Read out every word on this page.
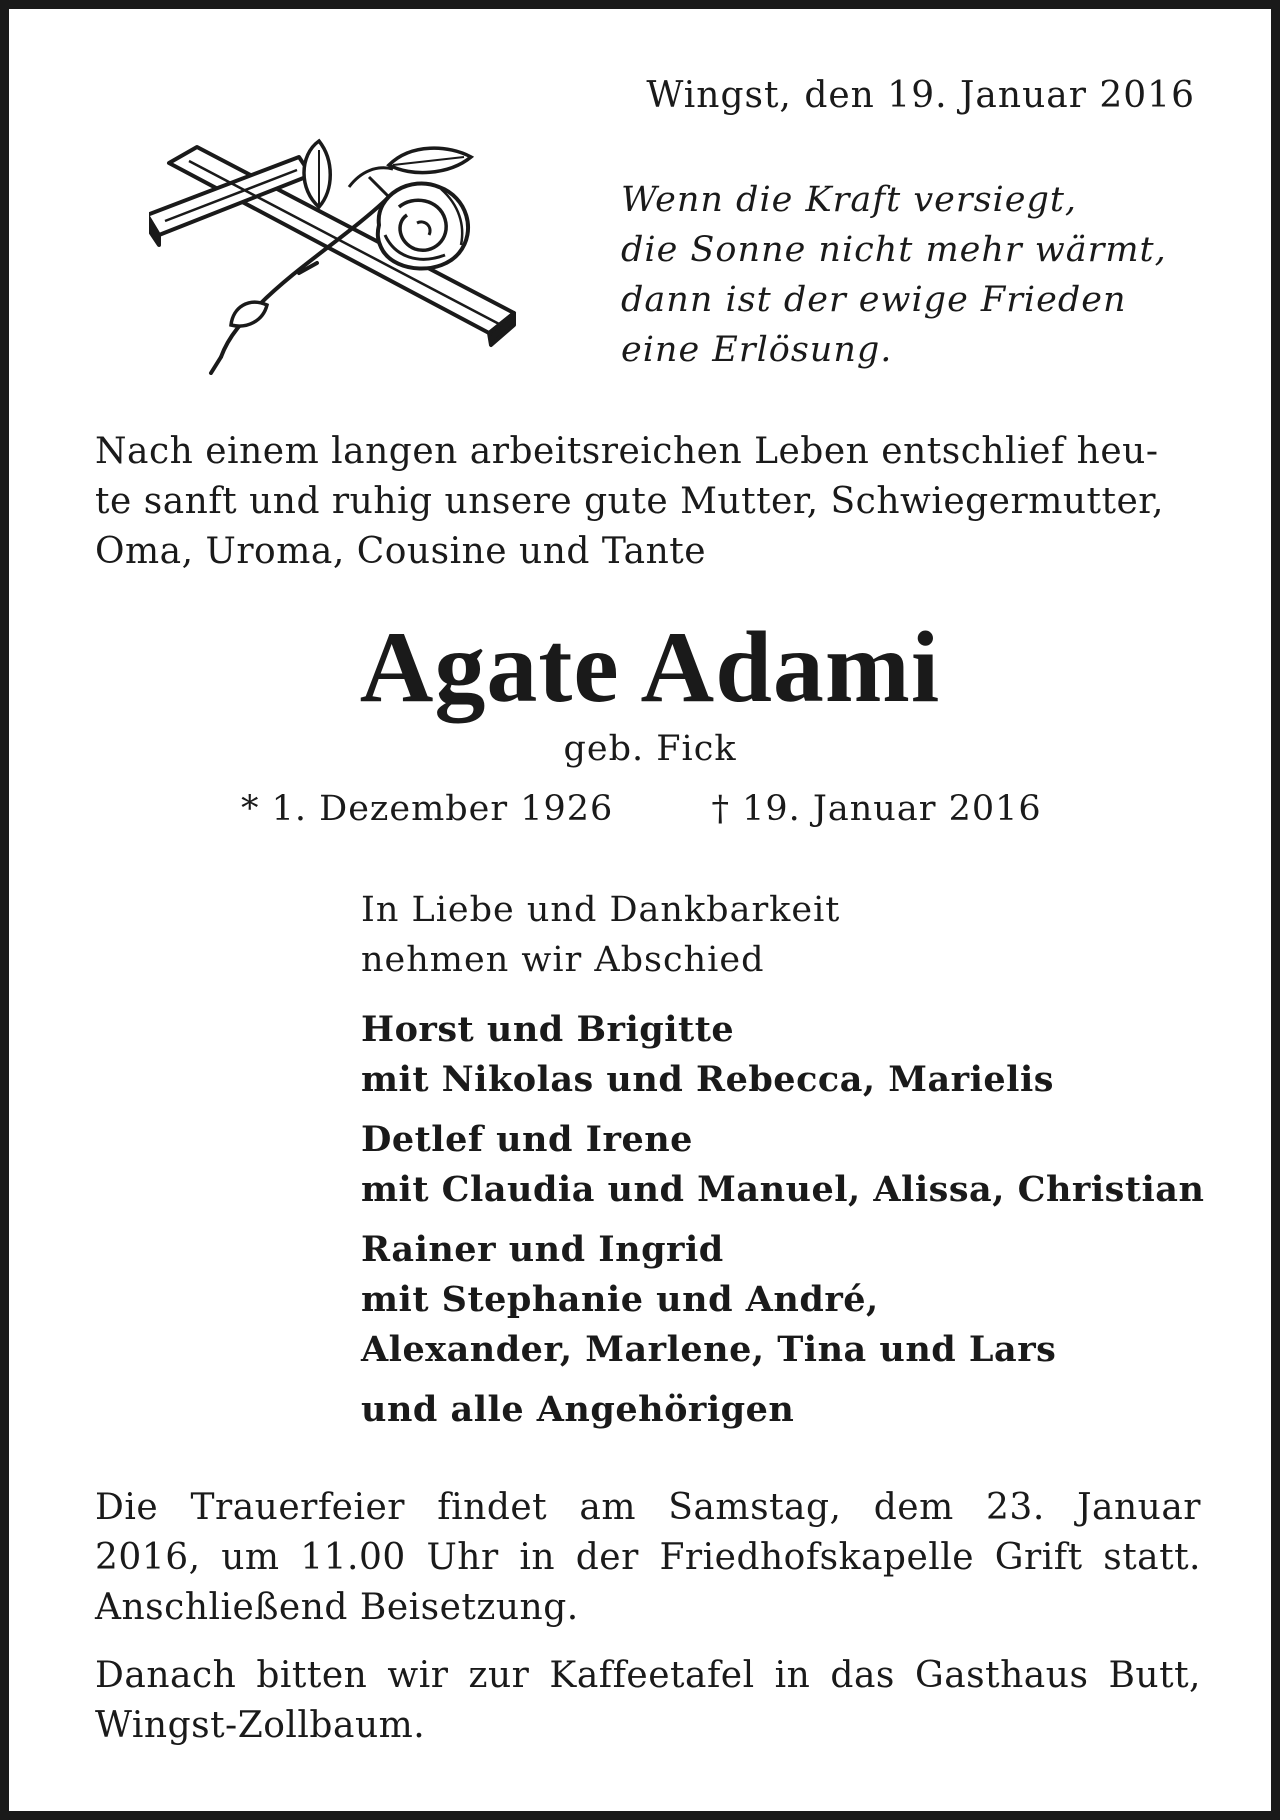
Wingst, den 19. Januar 2016
Wenn die Kraft versiegt,
die Sonne nicht mehr wärmt,
dann ist der ewige Frieden
eine Erlösung.
Nach einem langen arbeitsreichen Leben entschlief heu-
te sanft und ruhig unsere gute Mutter, Schwiegermutter,
Oma, Uroma, Cousine und Tante
Agate Adami
geb. Fick
* 1. Dezember 1926	† 19. Januar 2016
In Liebe und Dankbarkeit
nehmen wir Abschied
Horst und Brigitte
mit Nikolas und Rebecca, Marielis
Detlef und Irene
mit Claudia und Manuel, Alissa, Christian
Rainer und Ingrid
mit Stephanie und André,
Alexander, Marlene, Tina und Lars
und alle Angehörigen
Die Trauerfeier findet am Samstag, dem 23. Januar
2016, um 11.00 Uhr in der Friedhofskapelle Grift statt.
Anschließend Beisetzung.
Danach bitten wir zur Kaffeetafel in das Gasthaus Butt,
Wingst-Zollbaum.
